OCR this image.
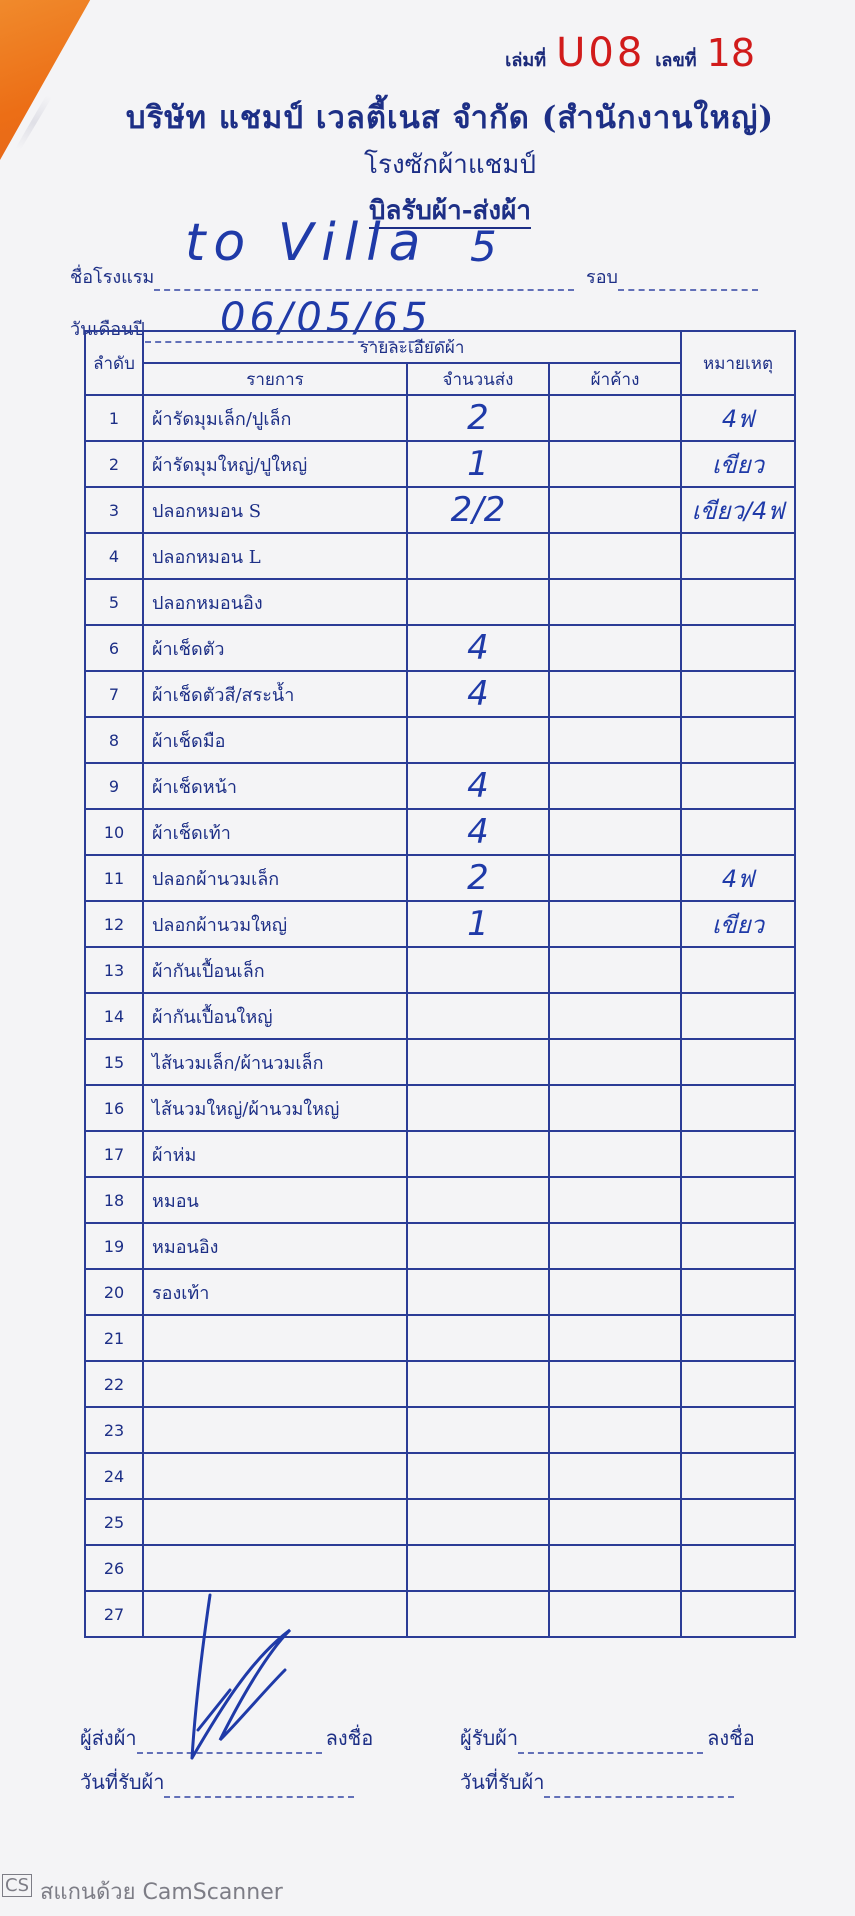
เล่มที่ U08 เลขที่ 18
บริษัท แชมป์ เวลตี้เนส จำกัด (สำนักงานใหญ่)
โรงซักผ้าแชมป์
บิลรับผ้า-ส่งผ้า
ชื่อโรงแรม	รอบ
to Villa 5
วันเดือนปี	06/05/65
ลำดับ	รายละเอียดผ้า			หมายเหตุ
	รายการ	จำนวนส่ง	ผ้าค้าง	
1	ผ้ารัดมุมเล็ก/ปูเล็ก	2		4ฟ
2	ผ้ารัดมุมใหญ่/ปูใหญ่	1		เขียว
3	ปลอกหมอน S	2/2		เขียว/4ฟ
4	ปลอกหมอน L			
5	ปลอกหมอนอิง			
6	ผ้าเช็ดตัว	4		
7	ผ้าเช็ดตัวสี/สระน้ำ	4		
8	ผ้าเช็ดมือ			
9	ผ้าเช็ดหน้า	4		
10	ผ้าเช็ดเท้า	4		
11	ปลอกผ้านวมเล็ก	2		4ฟ
12	ปลอกผ้านวมใหญ่	1		เขียว
13	ผ้ากันเปื้อนเล็ก			
14	ผ้ากันเปื้อนใหญ่			
15	ไส้นวมเล็ก/ผ้านวมเล็ก			
16	ไส้นวมใหญ่/ผ้านวมใหญ่			
17	ผ้าห่ม			
18	หมอน			
19	หมอนอิง			
20	รองเท้า			
21				
22				
23				
24				
25				
26				
27				
ผู้ส่งผ้า	ลงชื่อ	ผู้รับผ้า	ลงชื่อ
วันที่รับผ้า	วันที่รับผ้า
CS สแกนด้วย CamScanner
